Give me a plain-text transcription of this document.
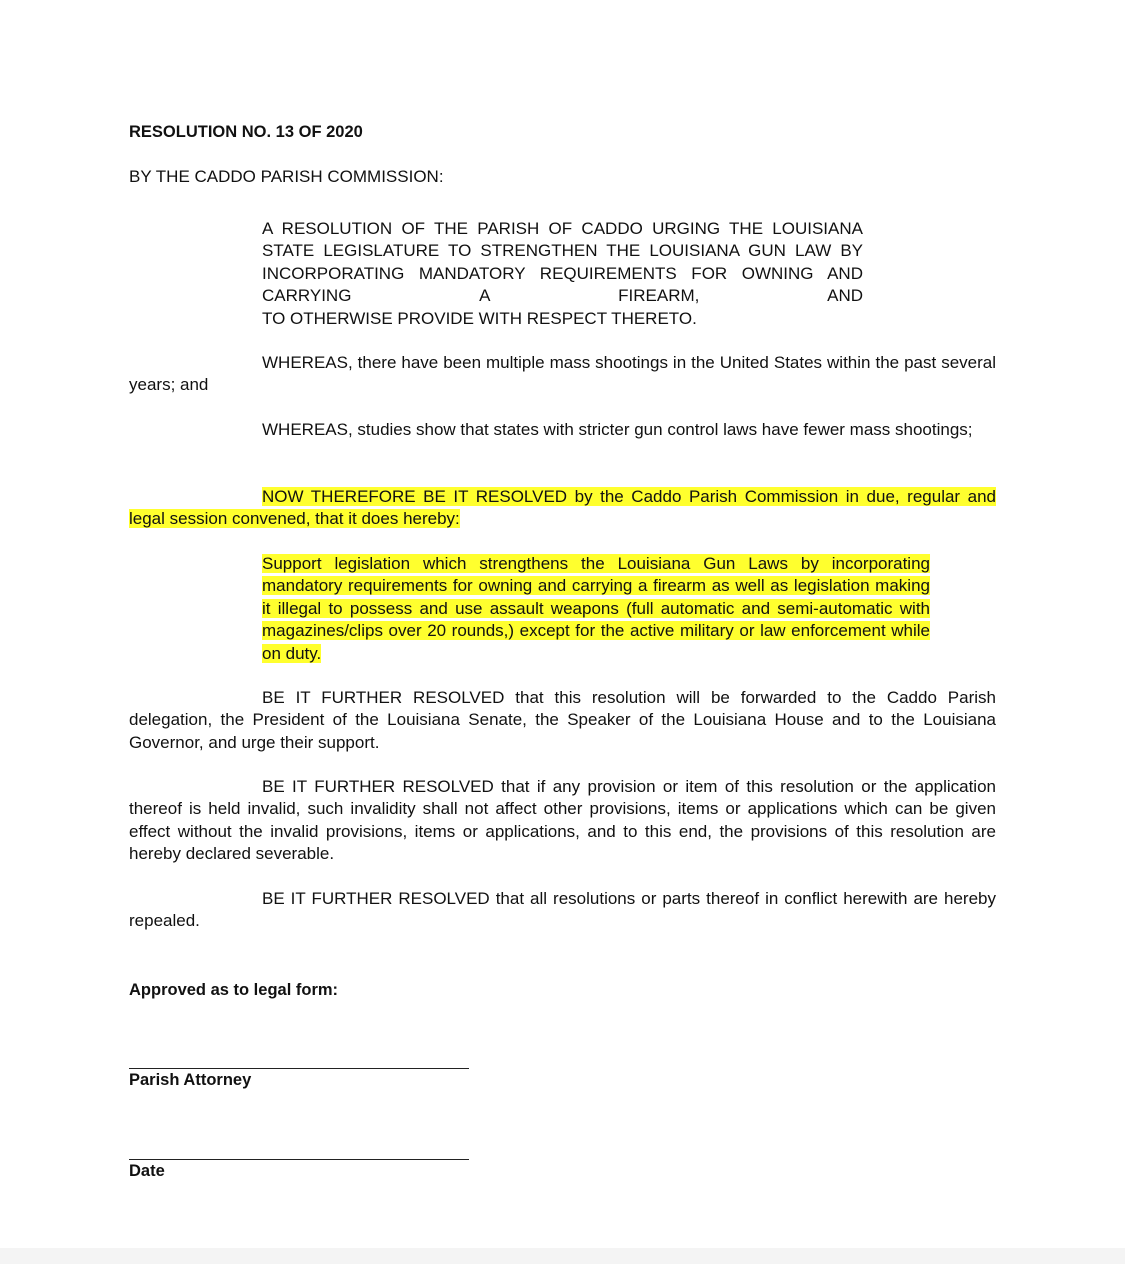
RESOLUTION NO. 13 OF 2020
BY THE CADDO PARISH COMMISSION:
A RESOLUTION OF THE PARISH OF CADDO URGING THE LOUISIANA STATE LEGISLATURE TO STRENGTHEN THE LOUISIANA GUN LAW BY INCORPORATING MANDATORY REQUIREMENTS FOR OWNING AND CARRYING A FIREARM, AND
TO OTHERWISE PROVIDE WITH RESPECT THERETO.

WHEREAS, there have been multiple mass shootings in the United States within the past several years; and

WHEREAS, studies show that states with stricter gun control laws have fewer mass shootings;

NOW THEREFORE BE IT RESOLVED by the Caddo Parish Commission in due, regular and legal session convened, that it does hereby:

Support legislation which strengthens the Louisiana Gun Laws by incorporating mandatory requirements for owning and carrying a firearm as well as legislation making it illegal to possess and use assault weapons (full automatic and semi-automatic with magazines/clips over 20 rounds,) except for the active military or law enforcement while on duty.

BE IT FURTHER RESOLVED that this resolution will be forwarded to the Caddo Parish delegation, the President of the Louisiana Senate, the Speaker of the Louisiana House and to the Louisiana Governor, and urge their support.

BE IT FURTHER RESOLVED that if any provision or item of this resolution or the application thereof is held invalid, such invalidity shall not affect other provisions, items or applications which can be given effect without the invalid provisions, items or applications, and to this end, the provisions of this resolution are hereby declared severable.

BE IT FURTHER RESOLVED that all resolutions or parts thereof in conflict herewith are hereby repealed.

Approved as to legal form:
Parish Attorney
Date
